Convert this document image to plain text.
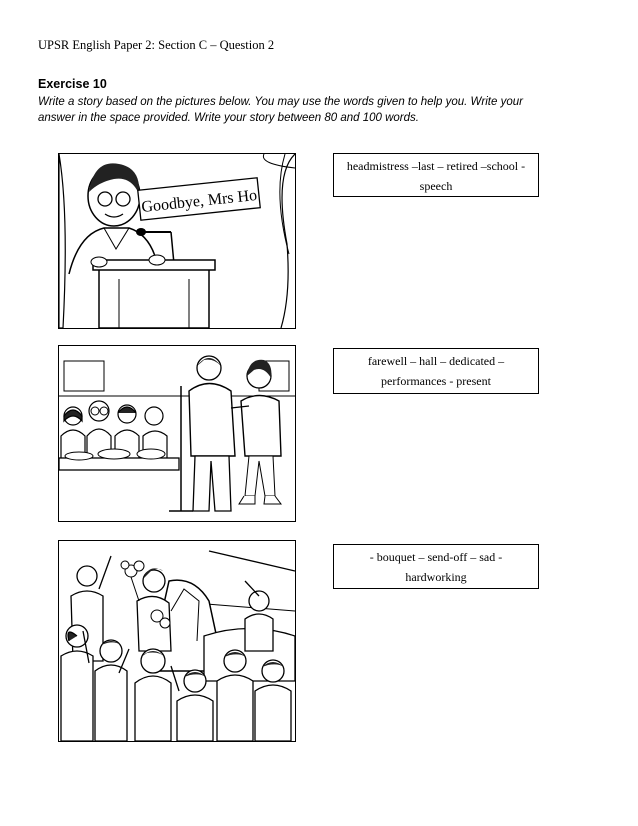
UPSR English Paper 2: Section C – Question 2
Exercise 10
Write a story based on the pictures below. You may use the words given to help you. Write your
answer in the space provided. Write your story between 80 and 100 words.
Goodbye, Mrs Ho
headmistress –last – retired –school -
speech
farewell – hall – dedicated –
performances - present
- bouquet – send-off – sad -
hardworking
